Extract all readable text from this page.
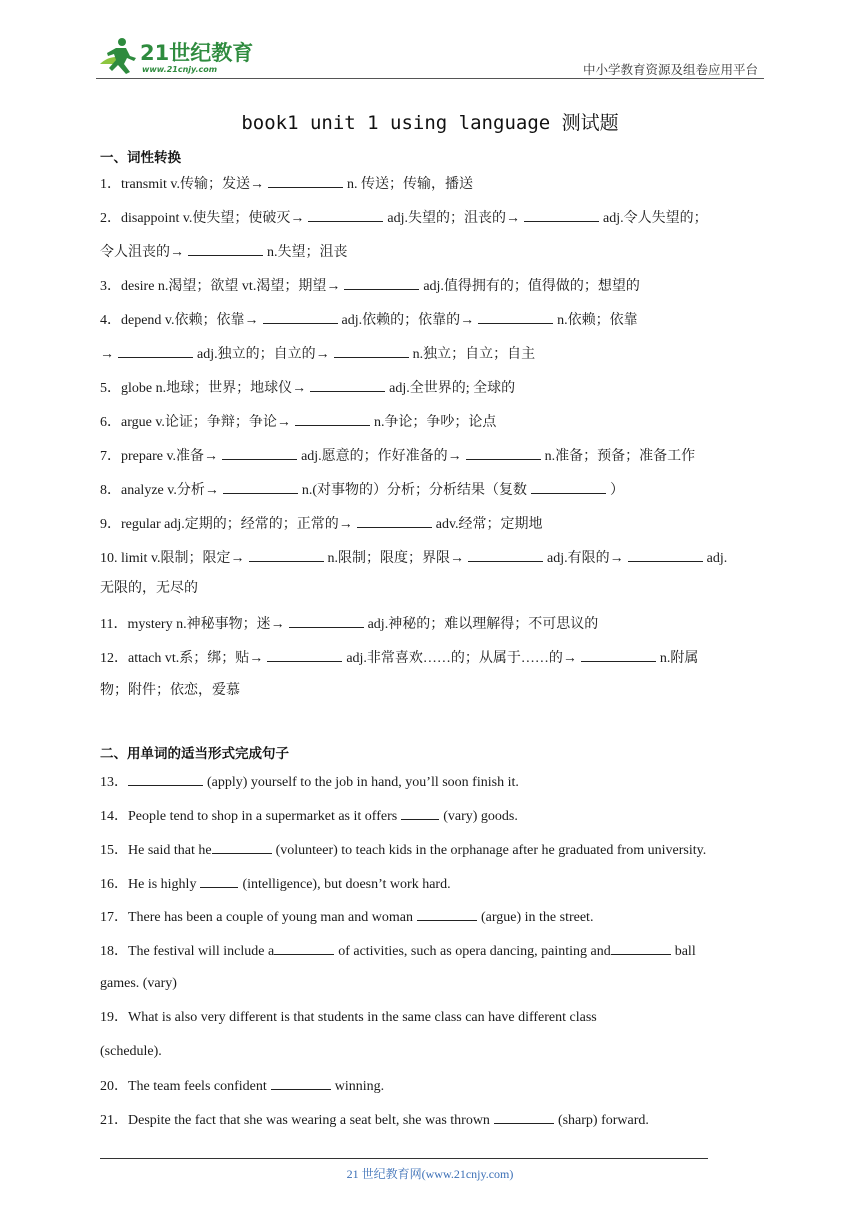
21世纪教育
www.21cnjy.com	中小学教育资源及组卷应用平台
book1 unit 1 using language 测试题
一、词性转换
1．transmit v.传输；发送→	n. 传送；传输，播送
2．disappoint v.使失望；使破灭→	adj.失望的；沮丧的→	adj.令人失望的；
令人沮丧的→	n.失望；沮丧
3．desire n.渴望；欲望 vt.渴望；期望→	adj.值得拥有的；值得做的；想望的
4．depend v.依赖；依靠→	adj.依赖的；依靠的→	n.依赖；依靠
→	adj.独立的；自立的→	n.独立；自立；自主
5．globe n.地球；世界；地球仪→	adj.全世界的; 全球的
6．argue v.论证；争辩；争论→	n.争论；争吵；论点
7．prepare v.准备→	adj.愿意的；作好准备的→	n.准备；预备；准备工作
8．analyze v.分析→	n.(对事物的）分析；分析结果（复数	）
9．regular adj.定期的；经常的；正常的→	adv.经常；定期地
10. limit v.限制；限定→	n.限制；限度；界限→	adj.有限的→	adj.
无限的，无尽的
11．mystery n.神秘事物；迷→	adj.神秘的；难以理解得；不可思议的
12．attach vt.系；绑；贴→	adj.非常喜欢……的；从属于……的→	n.附属
物；附件；依恋，爱慕
二、用单词的适当形式完成句子
13．	(apply) yourself to the job in hand, you’ll soon finish it.
14．People tend to shop in a supermarket as it offers	(vary) goods.
15．He said that he	(volunteer) to teach kids in the orphanage after he graduated from university.
16．He is highly	(intelligence), but doesn’t work hard.
17．There has been a couple of young man and woman	(argue) in the street.
18．The festival will include a	of activities, such as opera dancing, painting and	ball
games. (vary)
19．What is also very different is that students in the same class can have different class
(schedule).
20．The team feels confident	winning.
21．Despite the fact that she was wearing a seat belt, she was thrown	(sharp) forward.
21 世纪教育网(www.21cnjy.com)
